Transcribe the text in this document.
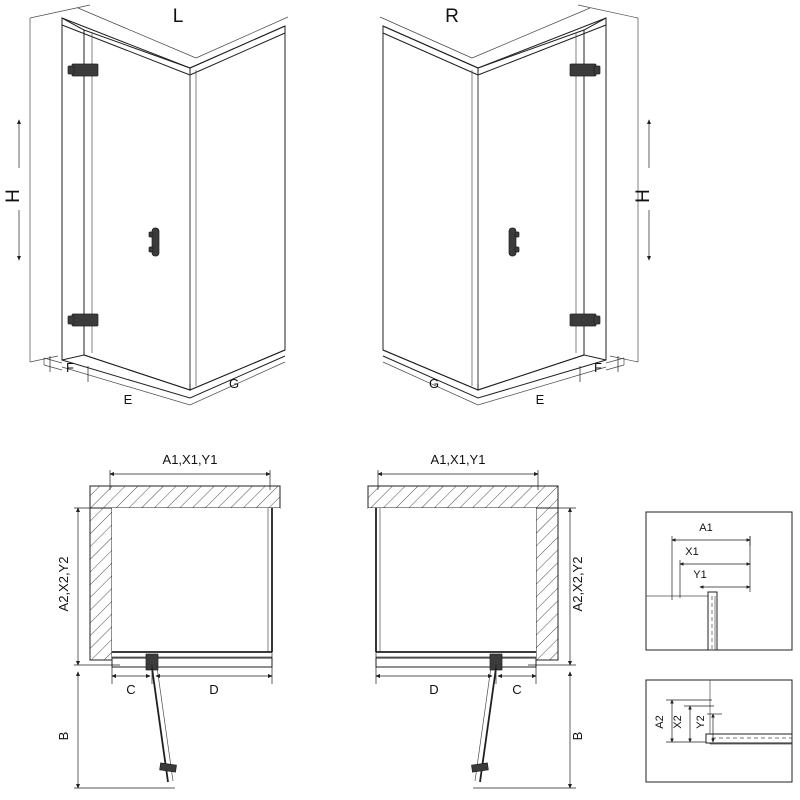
H
F
E
G
L
H
F
E
G
R
A1,X1,Y1
A2,X2,Y2
B
C	D
A1,X1,Y1
A2,X2,Y2
B
D	C
A1
X1
Y1
A2 X2 Y2
